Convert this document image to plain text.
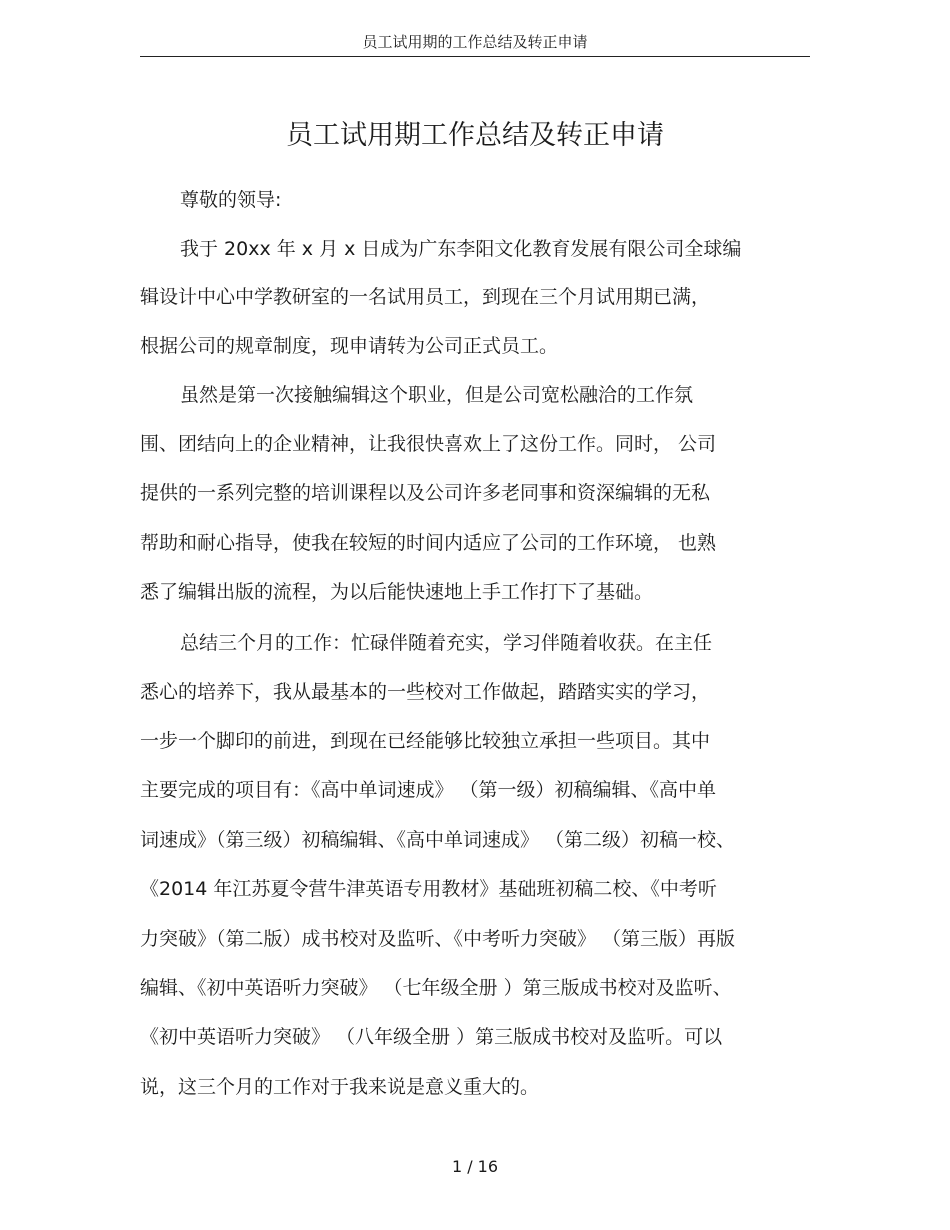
员工试用期的工作总结及转正申请
员工试用期工作总结及转正申请
尊敬的领导:
我于 20xx 年 x 月 x 日成为广东李阳文化教育发展有限公司全球编
辑设计中心中学教研室的一名试用员工，到现在三个月试用期已满，
根据公司的规章制度，现申请转为公司正式员工。
虽然是第一次接触编辑这个职业，但是公司宽松融洽的工作氛
围、团结向上的企业精神，让我很快喜欢上了这份工作。同时， 公司
提供的一系列完整的培训课程以及公司许多老同事和资深编辑的无私
帮助和耐心指导，使我在较短的时间内适应了公司的工作环境， 也熟
悉了编辑出版的流程，为以后能快速地上手工作打下了基础。
总结三个月的工作：忙碌伴随着充实，学习伴随着收获。在主任
悉心的培养下，我从最基本的一些校对工作做起，踏踏实实的学习，
一步一个脚印的前进，到现在已经能够比较独立承担一些项目。其中
主要完成的项目有：《高中单词速成》 （第一级）初稿编辑、《高中单
词速成》（第三级）初稿编辑、《高中单词速成》 （第二级）初稿一校、
《2014 年江苏夏令营牛津英语专用教材》基础班初稿二校、《中考听
力突破》（第二版）成书校对及监听、《中考听力突破》 （第三版）再版
编辑、《初中英语听力突破》 （七年级全册 ）第三版成书校对及监听、
《初中英语听力突破》 （八年级全册 ）第三版成书校对及监听。可以
说，这三个月的工作对于我来说是意义重大的。
1 / 16
